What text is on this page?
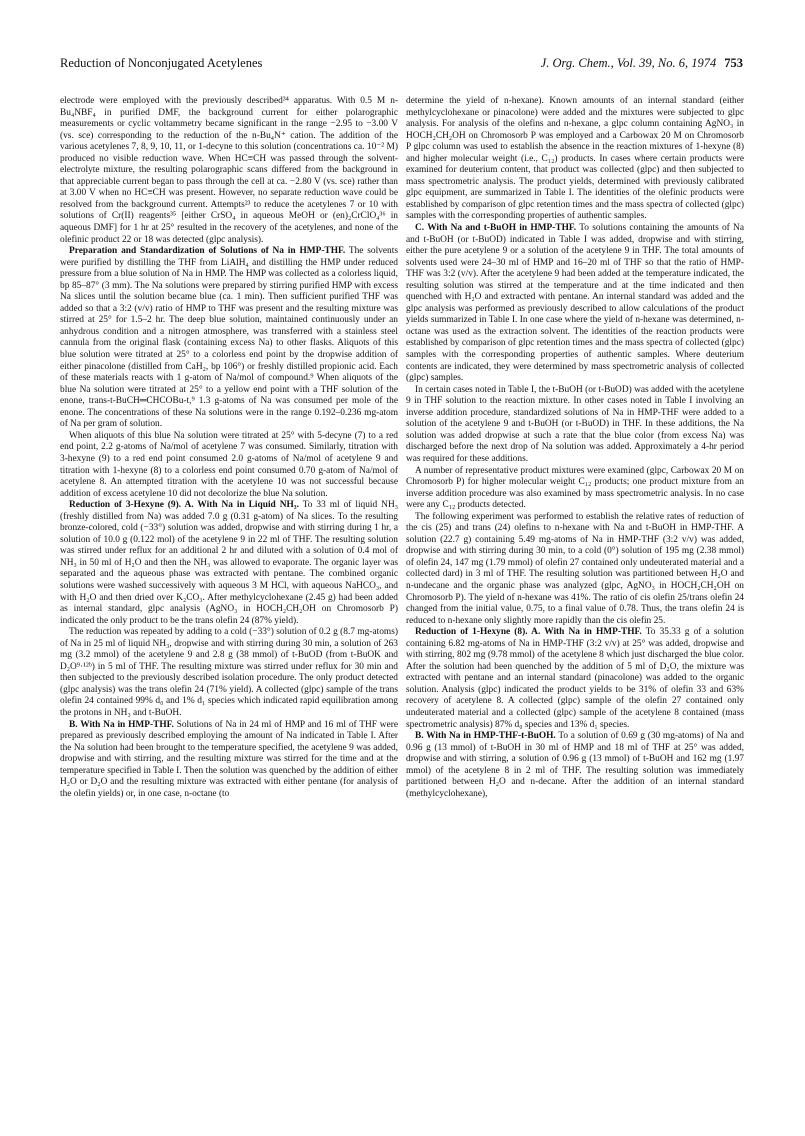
Reduction of Nonconjugated Acetylenes	J. Org. Chem., Vol. 39, No. 6, 1974 753

electrode were employed with the previously described³⁴ apparatus. With 0.5 M n-Bu₄NBF₄ in purified DMF, the background current for either polarographic measurements or cyclic voltammetry became significant in the range −2.95 to −3.00 V (vs. sce) corresponding to the reduction of the n-Bu₄N⁺ cation. The addition of the various acetylenes 7, 8, 9, 10, 11, or 1-decyne to this solution (concentrations ca. 10⁻² M) produced no visible reduction wave. When HC≡CH was passed through the solvent-electrolyte mixture, the resulting polarographic scans differed from the background in that appreciable current began to pass through the cell at ca. −2.80 V (vs. sce) rather than at 3.00 V when no HC≡CH was present. However, no separate reduction wave could be resolved from the background current. Attempts²³ to reduce the acetylenes 7 or 10 with solutions of Cr(II) reagents³⁵ [either CrSO₄ in aqueous MeOH or (en)₂CrClO₄³⁶ in aqueous DMF] for 1 hr at 25° resulted in the recovery of the acetylenes, and none of the olefinic product 22 or 18 was detected (glpc analysis).

Preparation and Standardization of Solutions of Na in HMP-THF. The solvents were purified by distilling the THF from LiAlH₄ and distilling the HMP under reduced pressure from a blue solution of Na in HMP. The HMP was collected as a colorless liquid, bp 85–87° (3 mm). The Na solutions were prepared by stirring purified HMP with excess Na slices until the solution became blue (ca. 1 min). Then sufficient purified THF was added so that a 3:2 (v/v) ratio of HMP to THF was present and the resulting mixture was stirred at 25° for 1.5–2 hr. The deep blue solution, maintained continuously under an anhydrous condition and a nitrogen atmosphere, was transferred with a stainless steel cannula from the original flask (containing excess Na) to other flasks. Aliquots of this blue solution were titrated at 25° to a colorless end point by the dropwise addition of either pinacolone (distilled from CaH₂, bp 106°) or freshly distilled propionic acid. Each of these materials reacts with 1 g-atom of Na/mol of compound.⁹ When aliquots of the blue Na solution were titrated at 25° to a yellow end point with a THF solution of the enone, trans-t-BuCH═CHCOBu-t,⁹ 1.3 g-atoms of Na was consumed per mole of the enone. The concentrations of these Na solutions were in the range 0.192–0.236 mg-atom of Na per gram of solution.

When aliquots of this blue Na solution were titrated at 25° with 5-decyne (7) to a red end point, 2.2 g-atoms of Na/mol of acetylene 7 was consumed. Similarly, titration with 3-hexyne (9) to a red end point consumed 2.0 g-atoms of Na/mol of acetylene 9 and titration with 1-hexyne (8) to a colorless end point consumed 0.70 g-atom of Na/mol of acetylene 8. An attempted titration with the acetylene 10 was not successful because addition of excess acetylene 10 did not decolorize the blue Na solution.

Reduction of 3-Hexyne (9). A. With Na in Liquid NH₃. To 33 ml of liquid NH₃ (freshly distilled from Na) was added 7.0 g (0.31 g-atom) of Na slices. To the resulting bronze-colored, cold (−33°) solution was added, dropwise and with stirring during 1 hr, a solution of 10.0 g (0.122 mol) of the acetylene 9 in 22 ml of THF. The resulting solution was stirred under reflux for an additional 2 hr and diluted with a solution of 0.4 mol of NH₃ in 50 ml of H₂O and then the NH₃ was allowed to evaporate. The organic layer was separated and the aqueous phase was extracted with pentane. The combined organic solutions were washed successively with aqueous 3 M HCl, with aqueous NaHCO₃, and with H₂O and then dried over K₂CO₃. After methylcyclohexane (2.45 g) had been added as internal standard, glpc analysis (AgNO₃ in HOCH₂CH₂OH on Chromosorb P) indicated the only product to be the trans olefin 24 (87% yield).

The reduction was repeated by adding to a cold (−33°) solution of 0.2 g (8.7 mg-atoms) of Na in 25 ml of liquid NH₃, dropwise and with stirring during 30 min, a solution of 263 mg (3.2 mmol) of the acetylene 9 and 2.8 g (38 mmol) of t-BuOD (from t-BuOK and D₂O⁹·¹²ᵇ) in 5 ml of THF. The resulting mixture was stirred under reflux for 30 min and then subjected to the previously described isolation procedure. The only product detected (glpc analysis) was the trans olefin 24 (71% yield). A collected (glpc) sample of the trans olefin 24 contained 99% d₀ and 1% d₁ species which indicated rapid equilibration among the protons in NH₃ and t-BuOH.

B. With Na in HMP-THF. Solutions of Na in 24 ml of HMP and 16 ml of THF were prepared as previously described employing the amount of Na indicated in Table I. After the Na solution had been brought to the temperature specified, the acetylene 9 was added, dropwise and with stirring, and the resulting mixture was stirred for the time and at the temperature specified in Table I. Then the solution was quenched by the addition of either H₂O or D₂O and the resulting mixture was extracted with either pentane (for analysis of the olefin yields) or, in one case, n-octane (to

determine the yield of n-hexane). Known amounts of an internal standard (either methylcyclohexane or pinacolone) were added and the mixtures were subjected to glpc analysis. For analysis of the olefins and n-hexane, a glpc column containing AgNO₃ in HOCH₂CH₂OH on Chromosorb P was employed and a Carbowax 20 M on Chromosorb P glpc column was used to establish the absence in the reaction mixtures of 1-hexyne (8) and higher molecular weight (i.e., C₁₂) products. In cases where certain products were examined for deuterium content, that product was collected (glpc) and then subjected to mass spectrometric analysis. The product yields, determined with previously calibrated glpc equipment, are summarized in Table I. The identities of the olefinic products were established by comparison of glpc retention times and the mass spectra of collected (glpc) samples with the corresponding properties of authentic samples.

C. With Na and t-BuOH in HMP-THF. To solutions containing the amounts of Na and t-BuOH (or t-BuOD) indicated in Table I was added, dropwise and with stirring, either the pure acetylene 9 or a solution of the acetylene 9 in THF. The total amounts of solvents used were 24–30 ml of HMP and 16–20 ml of THF so that the ratio of HMP-THF was 3:2 (v/v). After the acetylene 9 had been added at the temperature indicated, the resulting solution was stirred at the temperature and at the time indicated and then quenched with H₂O and extracted with pentane. An internal standard was added and the glpc analysis was performed as previously described to allow calculations of the product yields summarized in Table I. In one case where the yield of n-hexane was determined, n-octane was used as the extraction solvent. The identities of the reaction products were established by comparison of glpc retention times and the mass spectra of collected (glpc) samples with the corresponding properties of authentic samples. Where deuterium contents are indicated, they were determined by mass spectrometric analysis of collected (glpc) samples.

In certain cases noted in Table I, the t-BuOH (or t-BuOD) was added with the acetylene 9 in THF solution to the reaction mixture. In other cases noted in Table I involving an inverse addition procedure, standardized solutions of Na in HMP-THF were added to a solution of the acetylene 9 and t-BuOH (or t-BuOD) in THF. In these additions, the Na solution was added dropwise at such a rate that the blue color (from excess Na) was discharged before the next drop of Na solution was added. Approximately a 4-hr period was required for these additions.

A number of representative product mixtures were examined (glpc, Carbowax 20 M on Chromosorb P) for higher molecular weight C₁₂ products; one product mixture from an inverse addition procedure was also examined by mass spectrometric analysis. In no case were any C₁₂ products detected.

The following experiment was performed to establish the relative rates of reduction of the cis (25) and trans (24) olefins to n-hexane with Na and t-BuOH in HMP-THF. A solution (22.7 g) containing 5.49 mg-atoms of Na in HMP-THF (3:2 v/v) was added, dropwise and with stirring during 30 min, to a cold (0°) solution of 195 mg (2.38 mmol) of olefin 24, 147 mg (1.79 mmol) of olefin 27 contained only undeuterated material and a collected dard) in 3 ml of THF. The resulting solution was partitioned between H₂O and n-undecane and the organic phase was analyzed (glpc, AgNO₃ in HOCH₂CH₂OH on Chromosorb P). The yield of n-hexane was 41%. The ratio of cis olefin 25/trans olefin 24 changed from the initial value, 0.75, to a final value of 0.78. Thus, the trans olefin 24 is reduced to n-hexane only slightly more rapidly than the cis olefin 25.

Reduction of 1-Hexyne (8). A. With Na in HMP-THF. To 35.33 g of a solution containing 6.82 mg-atoms of Na in HMP-THF (3:2 v/v) at 25° was added, dropwise and with stirring, 802 mg (9.78 mmol) of the acetylene 8 which just discharged the blue color. After the solution had been quenched by the addition of 5 ml of D₂O, the mixture was extracted with pentane and an internal standard (pinacolone) was added to the organic solution. Analysis (glpc) indicated the product yields to be 31% of olefin 33 and 63% recovery of acetylene 8. A collected (glpc) sample of the olefin 27 contained only undeuterated material and a collected (glpc) sample of the acetylene 8 contained (mass spectrometric analysis) 87% d₀ species and 13% d₁ species.

B. With Na in HMP-THF-t-BuOH. To a solution of 0.69 g (30 mg-atoms) of Na and 0.96 g (13 mmol) of t-BuOH in 30 ml of HMP and 18 ml of THF at 25° was added, dropwise and with stirring, a solution of 0.96 g (13 mmol) of t-BuOH and 162 mg (1.97 mmol) of the acetylene 8 in 2 ml of THF. The resulting solution was immediately partitioned between H₂O and n-decane. After the addition of an internal standard (methylcyclohexane),
